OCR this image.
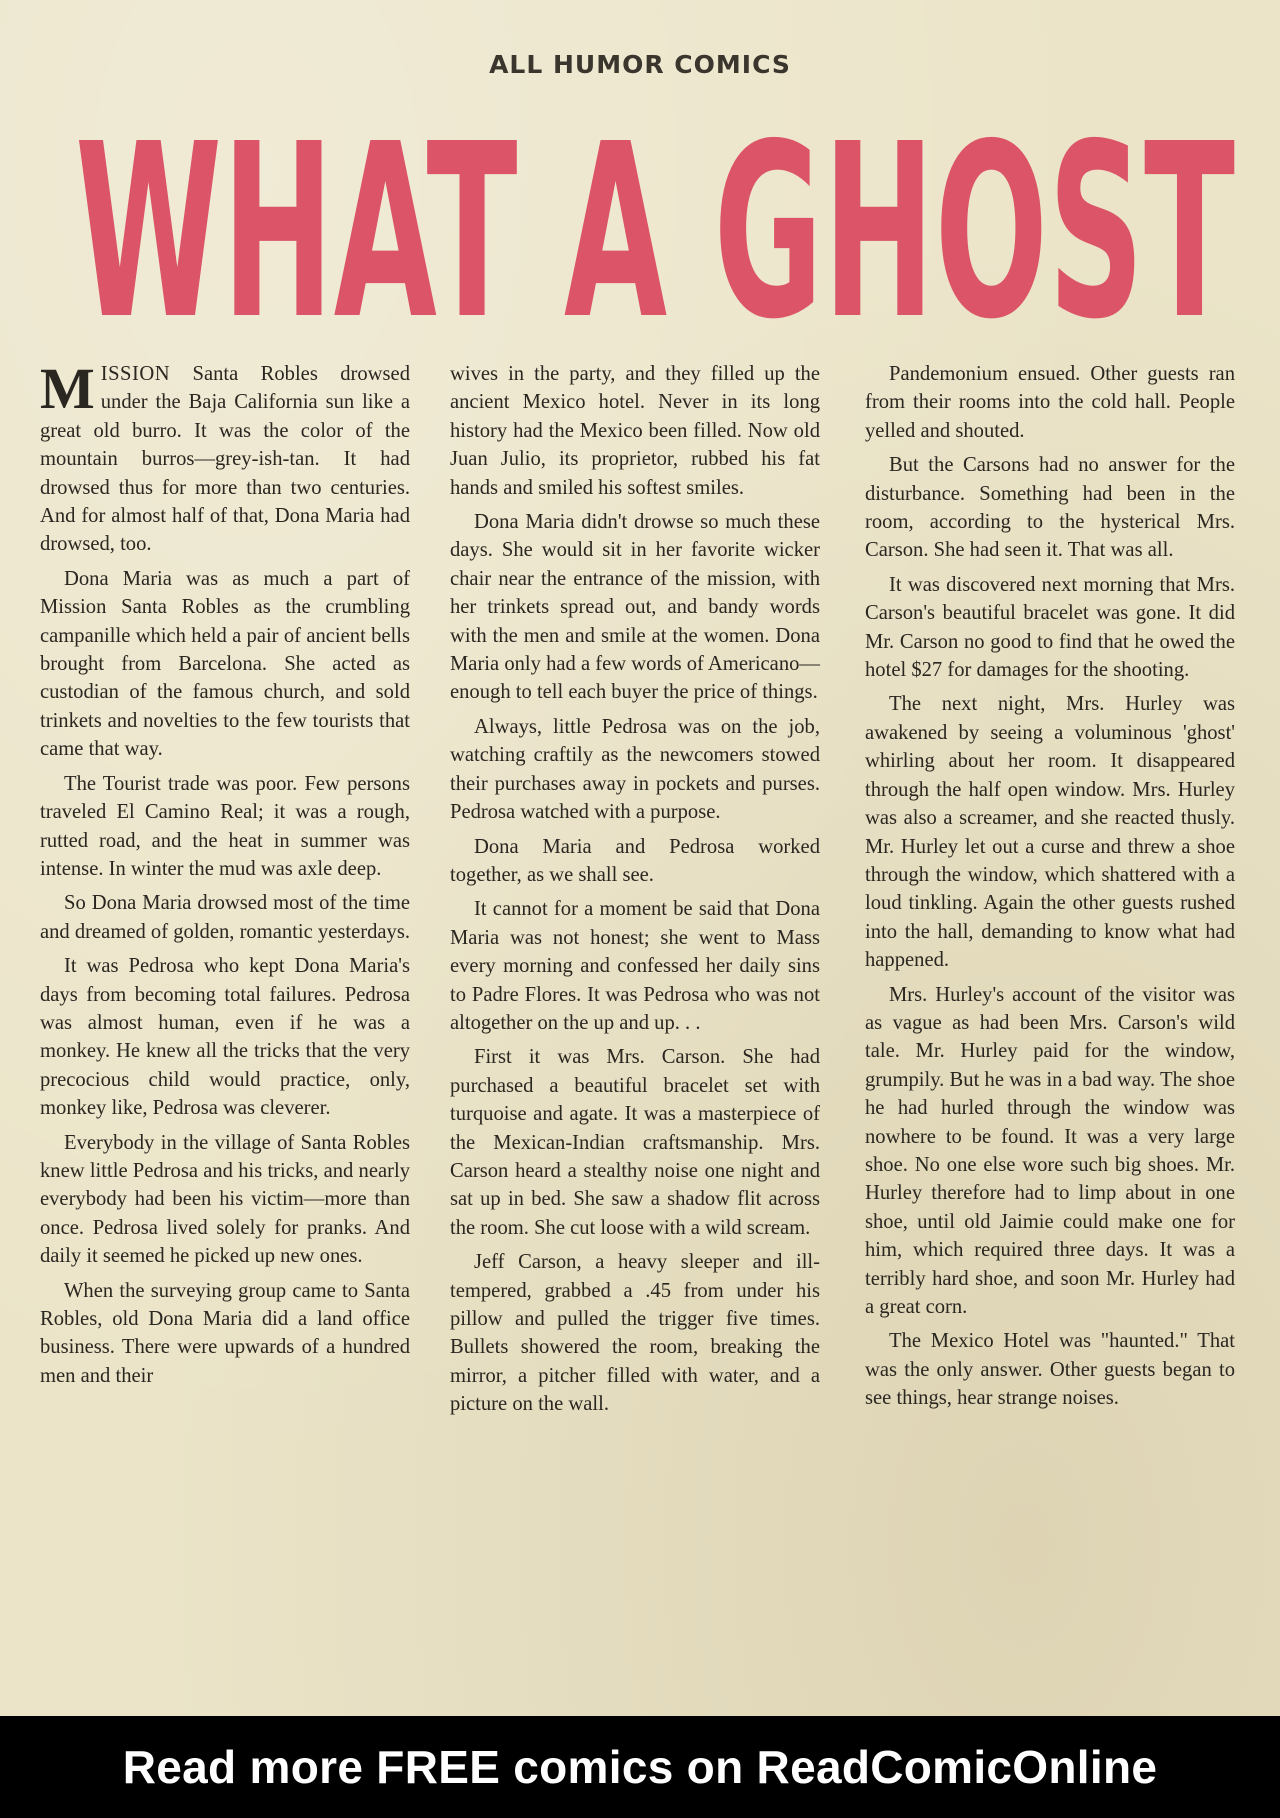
ALL HUMOR COMICS
WHAT A GHOST

MISSION Santa Robles drowsed under the Baja California sun like a great old burro. It was the color of the mountain burros—grey-ish-tan. It had drowsed thus for more than two centuries. And for almost half of that, Dona Maria had drowsed, too.

Dona Maria was as much a part of Mission Santa Robles as the crumbling campanille which held a pair of ancient bells brought from Barcelona. She acted as custodian of the famous church, and sold trinkets and novelties to the few tourists that came that way.

The Tourist trade was poor. Few persons traveled El Camino Real; it was a rough, rutted road, and the heat in summer was intense. In winter the mud was axle deep.

So Dona Maria drowsed most of the time and dreamed of golden, romantic yesterdays.

It was Pedrosa who kept Dona Maria's days from becoming total failures. Pedrosa was almost human, even if he was a monkey. He knew all the tricks that the very precocious child would practice, only, monkey like, Pedrosa was cleverer.

Everybody in the village of Santa Robles knew little Pedrosa and his tricks, and nearly everybody had been his victim—more than once. Pedrosa lived solely for pranks. And daily it seemed he picked up new ones.

When the surveying group came to Santa Robles, old Dona Maria did a land office business. There were upwards of a hundred men and their

wives in the party, and they filled up the ancient Mexico hotel. Never in its long history had the Mexico been filled. Now old Juan Julio, its proprietor, rubbed his fat hands and smiled his softest smiles.

Dona Maria didn't drowse so much these days. She would sit in her favorite wicker chair near the entrance of the mission, with her trinkets spread out, and bandy words with the men and smile at the women. Dona Maria only had a few words of Americano—enough to tell each buyer the price of things.

Always, little Pedrosa was on the job, watching craftily as the newcomers stowed their purchases away in pockets and purses. Pedrosa watched with a purpose.

Dona Maria and Pedrosa worked together, as we shall see.

It cannot for a moment be said that Dona Maria was not honest; she went to Mass every morning and confessed her daily sins to Padre Flores. It was Pedrosa who was not altogether on the up and up. . .

First it was Mrs. Carson. She had purchased a beautiful bracelet set with turquoise and agate. It was a masterpiece of the Mexican-Indian craftsmanship. Mrs. Carson heard a stealthy noise one night and sat up in bed. She saw a shadow flit across the room. She cut loose with a wild scream.

Jeff Carson, a heavy sleeper and ill-tempered, grabbed a .45 from under his pillow and pulled the trigger five times. Bullets showered the room, breaking the mirror, a pitcher filled with water, and a picture on the wall.

Pandemonium ensued. Other guests ran from their rooms into the cold hall. People yelled and shouted.

But the Carsons had no answer for the disturbance. Something had been in the room, according to the hysterical Mrs. Carson. She had seen it. That was all.

It was discovered next morning that Mrs. Carson's beautiful bracelet was gone. It did Mr. Carson no good to find that he owed the hotel $27 for damages for the shooting.

The next night, Mrs. Hurley was awakened by seeing a voluminous 'ghost' whirling about her room. It disappeared through the half open window. Mrs. Hurley was also a screamer, and she reacted thusly. Mr. Hurley let out a curse and threw a shoe through the window, which shattered with a loud tinkling. Again the other guests rushed into the hall, demanding to know what had happened.

Mrs. Hurley's account of the visitor was as vague as had been Mrs. Carson's wild tale. Mr. Hurley paid for the window, grumpily. But he was in a bad way. The shoe he had hurled through the window was nowhere to be found. It was a very large shoe. No one else wore such big shoes. Mr. Hurley therefore had to limp about in one shoe, until old Jaimie could make one for him, which required three days. It was a terribly hard shoe, and soon Mr. Hurley had a great corn.

The Mexico Hotel was "haunted." That was the only answer. Other guests began to see things, hear strange noises.

Read more FREE comics on ReadComicOnline
